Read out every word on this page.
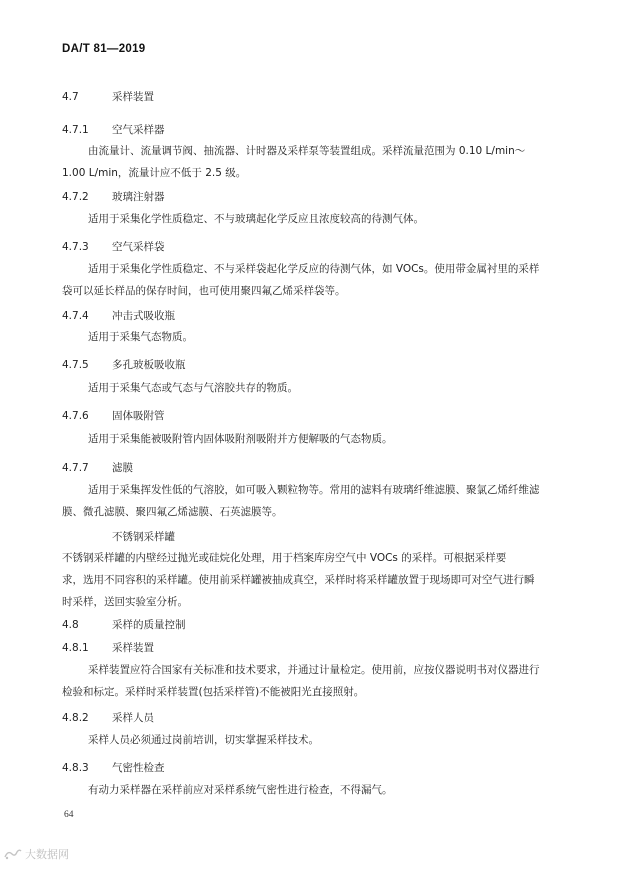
DA/T 81—2019
4.7	采样装置
4.7.1 空气采样器
由流量计、流量调节阀、抽流器、计时器及采样泵等装置组成。采样流量范围为 0.10 L/min～
1.00 L/min，流量计应不低于 2.5 级。
4.7.2 玻璃注射器
适用于采集化学性质稳定、不与玻璃起化学反应且浓度较高的待测气体。
4.7.3 空气采样袋
适用于采集化学性质稳定、不与采样袋起化学反应的待测气体，如 VOCs。使用带金属衬里的采样
袋可以延长样品的保存时间，也可使用聚四氟乙烯采样袋等。
4.7.4 冲击式吸收瓶
适用于采集气态物质。
4.7.5 多孔玻板吸收瓶
适用于采集气态或气态与气溶胶共存的物质。
4.7.6 固体吸附管
适用于采集能被吸附管内固体吸附剂吸附并方便解吸的气态物质。
4.7.7 滤膜
适用于采集挥发性低的气溶胶，如可吸入颗粒物等。常用的滤料有玻璃纤维滤膜、聚氯乙烯纤维滤
膜、微孔滤膜、聚四氟乙烯滤膜、石英滤膜等。
不锈钢采样罐
不锈钢采样罐的内壁经过抛光或硅烷化处理，用于档案库房空气中 VOCs 的采样。可根据采样要
求，选用不同容积的采样罐。使用前采样罐被抽成真空，采样时将采样罐放置于现场即可对空气进行瞬
时采样，送回实验室分析。
4.8	采样的质量控制
4.8.1 采样装置
采样装置应符合国家有关标准和技术要求，并通过计量检定。使用前，应按仪器说明书对仪器进行
检验和标定。采样时采样装置(包括采样管)不能被阳光直接照射。
4.8.2 采样人员
采样人员必须通过岗前培训，切实掌握采样技术。
4.8.3 气密性检查
有动力采样器在采样前应对采样系统气密性进行检查，不得漏气。
64
大数据网
